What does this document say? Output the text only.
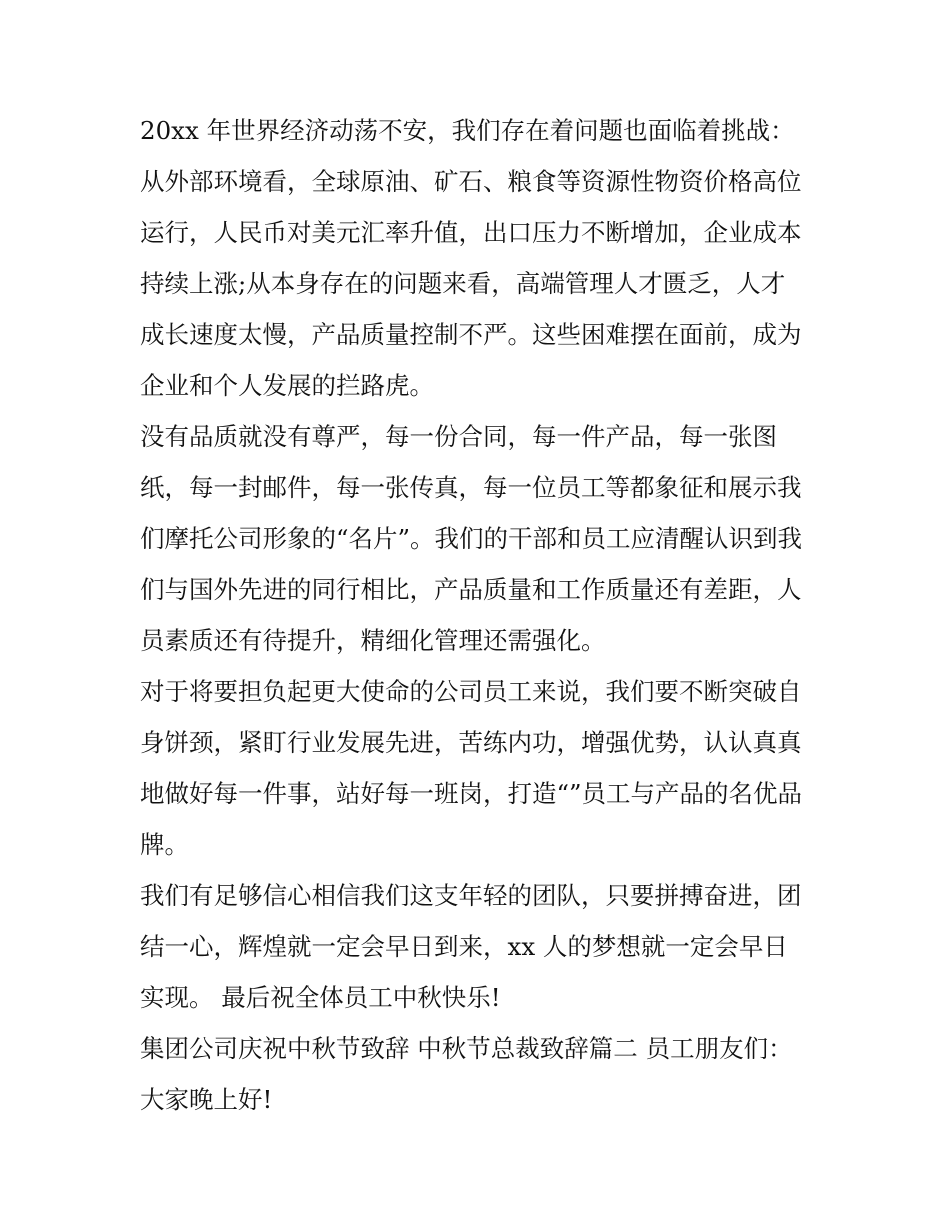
20xx 年世界经济动荡不安，我们存在着问题也面临着挑战：
从外部环境看，全球原油、矿石、粮食等资源性物资价格高位
运行，人民币对美元汇率升值，出口压力不断增加，企业成本
持续上涨;从本身存在的问题来看，高端管理人才匮乏，人才
成长速度太慢，产品质量控制不严。这些困难摆在面前，成为
企业和个人发展的拦路虎。
没有品质就没有尊严，每一份合同，每一件产品，每一张图
纸，每一封邮件，每一张传真，每一位员工等都象征和展示我
们摩托公司形象的“名片”。我们的干部和员工应清醒认识到我
们与国外先进的同行相比，产品质量和工作质量还有差距，人
员素质还有待提升，精细化管理还需强化。
对于将要担负起更大使命的公司员工来说，我们要不断突破自
身饼颈，紧盯行业发展先进，苦练内功，增强优势，认认真真
地做好每一件事，站好每一班岗，打造“”员工与产品的名优品
牌。
我们有足够信心相信我们这支年轻的团队，只要拼搏奋进，团
结一心，辉煌就一定会早日到来，xx 人的梦想就一定会早日
实现。 最后祝全体员工中秋快乐!
集团公司庆祝中秋节致辞 中秋节总裁致辞篇二 员工朋友们：
大家晚上好!
